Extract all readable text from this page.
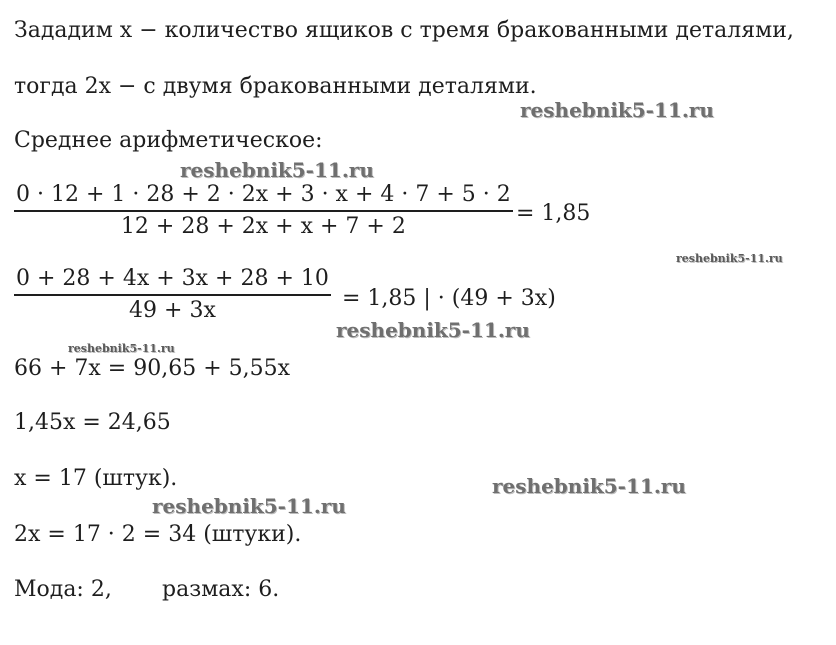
Зададим x − количество ящиков с тремя бракованными деталями,
тогда 2x − с двумя бракованными деталями.
Среднее арифметическое:
0 · 12 + 1 · 28 + 2 · 2x + 3 · x + 4 · 7 + 5 · 2
12 + 28 + 2x + x + 7 + 2	= 1,85
0 + 28 + 4x + 3x + 28 + 10
49 + 3x	= 1,85 | · (49 + 3x)
66 + 7x = 90,65 + 5,55x
1,45x = 24,65
x = 17 (штук).
2x = 17 · 2 = 34 (штуки).
Мода: 2, размах: 6.
reshebnik5-11.ru
reshebnik5-11.ru
reshebnik5-11.ru
reshebnik5-11.ru
reshebnik5-11.ru
reshebnik5-11.ru
reshebnik5-11.ru
